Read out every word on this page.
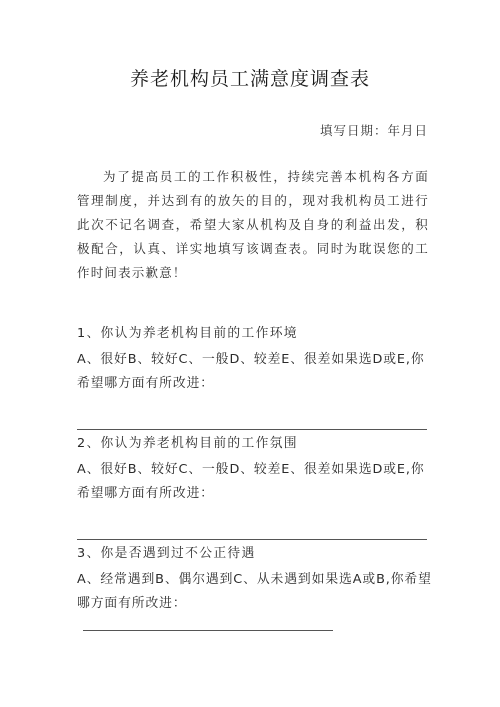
养老机构员工满意度调查表
填写日期：年月日
为了提高员工的工作积极性，持续完善本机构各方面管理制度，并达到有的放矢的目的，现对我机构员工进行此次不记名调查，希望大家从机构及自身的利益出发，积极配合，认真、详实地填写该调查表。同时为耽误您的工作时间表示歉意！
1、你认为养老机构目前的工作环境
A、很好B、较好C、一般D、较差E、很差如果选D或E,你希望哪方面有所改进：
2、你认为养老机构目前的工作氛围
A、很好B、较好C、一般D、较差E、很差如果选D或E,你希望哪方面有所改进：
3、你是否遇到过不公正待遇
A、经常遇到B、偶尔遇到C、从未遇到如果选A或B,你希望哪方面有所改进：
